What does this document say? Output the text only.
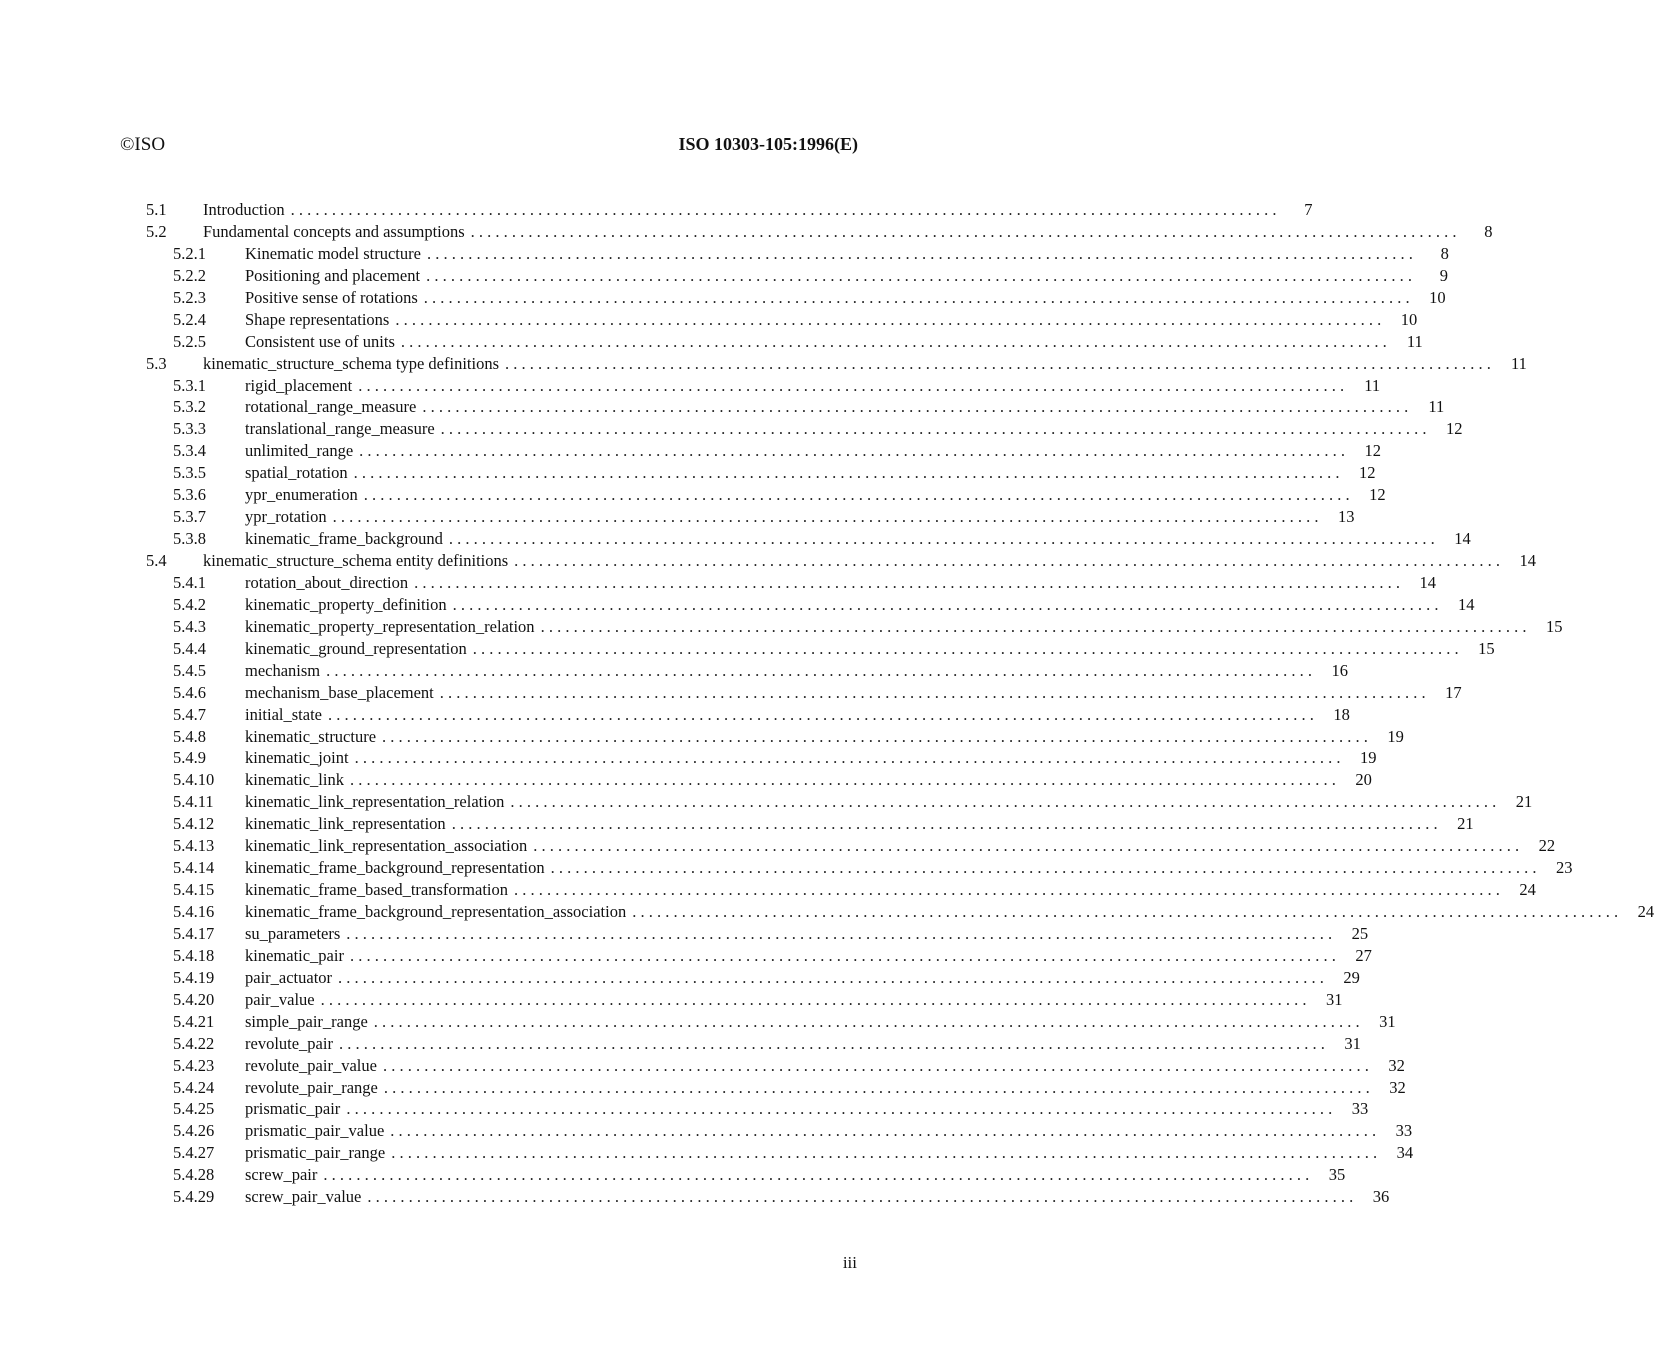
©ISO	ISO 10303-105:1996(E)
5.1 Introduction . . . . . . . . . . . . . . . . . . . . . . . . . . . . . . . . . . . . . . . . . . . . . . . . . . . . . . . . . . . . . . . . . . . . . . . . . . . . . . . . . . . . . . . . . . . . . . . . . . . . . . . . . . . . . . . . . . . . . . . .	7
5.2 Fundamental concepts and assumptions . . . . . . . . . . . . . . . . . . . . . . . . . . . . . . . . . . . . . . . . . . . . . . . . . . . . . . . . . . . . . . . . . . . . . . . . . . . . . . . . . . . . . . . . . . . . . . . . . . . . . . . . . . . . . . . . . . . . . . . .	8
5.2.1 Kinematic model structure . . . . . . . . . . . . . . . . . . . . . . . . . . . . . . . . . . . . . . . . . . . . . . . . . . . . . . . . . . . . . . . . . . . . . . . . . . . . . . . . . . . . . . . . . . . . . . . . . . . . . . . . . . . . . . . . . . . . . . . .	8
5.2.2 Positioning and placement . . . . . . . . . . . . . . . . . . . . . . . . . . . . . . . . . . . . . . . . . . . . . . . . . . . . . . . . . . . . . . . . . . . . . . . . . . . . . . . . . . . . . . . . . . . . . . . . . . . . . . . . . . . . . . . . . . . . . . . .	9
5.2.3 Positive sense of rotations . . . . . . . . . . . . . . . . . . . . . . . . . . . . . . . . . . . . . . . . . . . . . . . . . . . . . . . . . . . . . . . . . . . . . . . . . . . . . . . . . . . . . . . . . . . . . . . . . . . . . . . . . . . . . . . . . . . . . . . .	10
5.2.4 Shape representations . . . . . . . . . . . . . . . . . . . . . . . . . . . . . . . . . . . . . . . . . . . . . . . . . . . . . . . . . . . . . . . . . . . . . . . . . . . . . . . . . . . . . . . . . . . . . . . . . . . . . . . . . . . . . . . . . . . . . . . .	10
5.2.5 Consistent use of units . . . . . . . . . . . . . . . . . . . . . . . . . . . . . . . . . . . . . . . . . . . . . . . . . . . . . . . . . . . . . . . . . . . . . . . . . . . . . . . . . . . . . . . . . . . . . . . . . . . . . . . . . . . . . . . . . . . . . . . .	11
5.3 kinematic_structure_schema type definitions . . . . . . . . . . . . . . . . . . . . . . . . . . . . . . . . . . . . . . . . . . . . . . . . . . . . . . . . . . . . . . . . . . . . . . . . . . . . . . . . . . . . . . . . . . . . . . . . . . . . . . . . . . . . . . . . . . . . . . . .	11
5.3.1 rigid_placement . . . . . . . . . . . . . . . . . . . . . . . . . . . . . . . . . . . . . . . . . . . . . . . . . . . . . . . . . . . . . . . . . . . . . . . . . . . . . . . . . . . . . . . . . . . . . . . . . . . . . . . . . . . . . . . . . . . . . . . .	11
5.3.2 rotational_range_measure . . . . . . . . . . . . . . . . . . . . . . . . . . . . . . . . . . . . . . . . . . . . . . . . . . . . . . . . . . . . . . . . . . . . . . . . . . . . . . . . . . . . . . . . . . . . . . . . . . . . . . . . . . . . . . . . . . . . . . . .	11
5.3.3 translational_range_measure . . . . . . . . . . . . . . . . . . . . . . . . . . . . . . . . . . . . . . . . . . . . . . . . . . . . . . . . . . . . . . . . . . . . . . . . . . . . . . . . . . . . . . . . . . . . . . . . . . . . . . . . . . . . . . . . . . . . . . . .	12
5.3.4 unlimited_range . . . . . . . . . . . . . . . . . . . . . . . . . . . . . . . . . . . . . . . . . . . . . . . . . . . . . . . . . . . . . . . . . . . . . . . . . . . . . . . . . . . . . . . . . . . . . . . . . . . . . . . . . . . . . . . . . . . . . . . .	12
5.3.5 spatial_rotation . . . . . . . . . . . . . . . . . . . . . . . . . . . . . . . . . . . . . . . . . . . . . . . . . . . . . . . . . . . . . . . . . . . . . . . . . . . . . . . . . . . . . . . . . . . . . . . . . . . . . . . . . . . . . . . . . . . . . . . .	12
5.3.6 ypr_enumeration . . . . . . . . . . . . . . . . . . . . . . . . . . . . . . . . . . . . . . . . . . . . . . . . . . . . . . . . . . . . . . . . . . . . . . . . . . . . . . . . . . . . . . . . . . . . . . . . . . . . . . . . . . . . . . . . . . . . . . . .	12
5.3.7 ypr_rotation . . . . . . . . . . . . . . . . . . . . . . . . . . . . . . . . . . . . . . . . . . . . . . . . . . . . . . . . . . . . . . . . . . . . . . . . . . . . . . . . . . . . . . . . . . . . . . . . . . . . . . . . . . . . . . . . . . . . . . . .	13
5.3.8 kinematic_frame_background . . . . . . . . . . . . . . . . . . . . . . . . . . . . . . . . . . . . . . . . . . . . . . . . . . . . . . . . . . . . . . . . . . . . . . . . . . . . . . . . . . . . . . . . . . . . . . . . . . . . . . . . . . . . . . . . . . . . . . . .	14
5.4 kinematic_structure_schema entity definitions . . . . . . . . . . . . . . . . . . . . . . . . . . . . . . . . . . . . . . . . . . . . . . . . . . . . . . . . . . . . . . . . . . . . . . . . . . . . . . . . . . . . . . . . . . . . . . . . . . . . . . . . . . . . . . . . . . . . . . . .	14
5.4.1 rotation_about_direction . . . . . . . . . . . . . . . . . . . . . . . . . . . . . . . . . . . . . . . . . . . . . . . . . . . . . . . . . . . . . . . . . . . . . . . . . . . . . . . . . . . . . . . . . . . . . . . . . . . . . . . . . . . . . . . . . . . . . . . .	14
5.4.2 kinematic_property_definition . . . . . . . . . . . . . . . . . . . . . . . . . . . . . . . . . . . . . . . . . . . . . . . . . . . . . . . . . . . . . . . . . . . . . . . . . . . . . . . . . . . . . . . . . . . . . . . . . . . . . . . . . . . . . . . . . . . . . . . .	14
5.4.3 kinematic_property_representation_relation . . . . . . . . . . . . . . . . . . . . . . . . . . . . . . . . . . . . . . . . . . . . . . . . . . . . . . . . . . . . . . . . . . . . . . . . . . . . . . . . . . . . . . . . . . . . . . . . . . . . . . . . . . . . . . . . . . . . . . . .	15
5.4.4 kinematic_ground_representation . . . . . . . . . . . . . . . . . . . . . . . . . . . . . . . . . . . . . . . . . . . . . . . . . . . . . . . . . . . . . . . . . . . . . . . . . . . . . . . . . . . . . . . . . . . . . . . . . . . . . . . . . . . . . . . . . . . . . . . .	15
5.4.5 mechanism . . . . . . . . . . . . . . . . . . . . . . . . . . . . . . . . . . . . . . . . . . . . . . . . . . . . . . . . . . . . . . . . . . . . . . . . . . . . . . . . . . . . . . . . . . . . . . . . . . . . . . . . . . . . . . . . . . . . . . . .	16
5.4.6 mechanism_base_placement . . . . . . . . . . . . . . . . . . . . . . . . . . . . . . . . . . . . . . . . . . . . . . . . . . . . . . . . . . . . . . . . . . . . . . . . . . . . . . . . . . . . . . . . . . . . . . . . . . . . . . . . . . . . . . . . . . . . . . . .	17
5.4.7 initial_state . . . . . . . . . . . . . . . . . . . . . . . . . . . . . . . . . . . . . . . . . . . . . . . . . . . . . . . . . . . . . . . . . . . . . . . . . . . . . . . . . . . . . . . . . . . . . . . . . . . . . . . . . . . . . . . . . . . . . . . .	18
5.4.8 kinematic_structure . . . . . . . . . . . . . . . . . . . . . . . . . . . . . . . . . . . . . . . . . . . . . . . . . . . . . . . . . . . . . . . . . . . . . . . . . . . . . . . . . . . . . . . . . . . . . . . . . . . . . . . . . . . . . . . . . . . . . . . .	19
5.4.9 kinematic_joint . . . . . . . . . . . . . . . . . . . . . . . . . . . . . . . . . . . . . . . . . . . . . . . . . . . . . . . . . . . . . . . . . . . . . . . . . . . . . . . . . . . . . . . . . . . . . . . . . . . . . . . . . . . . . . . . . . . . . . . .	19
5.4.10 kinematic_link . . . . . . . . . . . . . . . . . . . . . . . . . . . . . . . . . . . . . . . . . . . . . . . . . . . . . . . . . . . . . . . . . . . . . . . . . . . . . . . . . . . . . . . . . . . . . . . . . . . . . . . . . . . . . . . . . . . . . . . .	20
5.4.11 kinematic_link_representation_relation . . . . . . . . . . . . . . . . . . . . . . . . . . . . . . . . . . . . . . . . . . . . . . . . . . . . . . . . . . . . . . . . . . . . . . . . . . . . . . . . . . . . . . . . . . . . . . . . . . . . . . . . . . . . . . . . . . . . . . . .	21
5.4.12 kinematic_link_representation . . . . . . . . . . . . . . . . . . . . . . . . . . . . . . . . . . . . . . . . . . . . . . . . . . . . . . . . . . . . . . . . . . . . . . . . . . . . . . . . . . . . . . . . . . . . . . . . . . . . . . . . . . . . . . . . . . . . . . . .	21
5.4.13 kinematic_link_representation_association . . . . . . . . . . . . . . . . . . . . . . . . . . . . . . . . . . . . . . . . . . . . . . . . . . . . . . . . . . . . . . . . . . . . . . . . . . . . . . . . . . . . . . . . . . . . . . . . . . . . . . . . . . . . . . . . . . . . . . . .	22
5.4.14 kinematic_frame_background_representation . . . . . . . . . . . . . . . . . . . . . . . . . . . . . . . . . . . . . . . . . . . . . . . . . . . . . . . . . . . . . . . . . . . . . . . . . . . . . . . . . . . . . . . . . . . . . . . . . . . . . . . . . . . . . . . . . . . . . . . .	23
5.4.15 kinematic_frame_based_transformation . . . . . . . . . . . . . . . . . . . . . . . . . . . . . . . . . . . . . . . . . . . . . . . . . . . . . . . . . . . . . . . . . . . . . . . . . . . . . . . . . . . . . . . . . . . . . . . . . . . . . . . . . . . . . . . . . . . . . . . .	24
5.4.16 kinematic_frame_background_representation_association . . . . . . . . . . . . . . . . . . . . . . . . . . . . . . . . . . . . . . . . . . . . . . . . . . . . . . . . . . . . . . . . . . . . . . . . . . . . . . . . . . . . . . . . . . . . . . . . . . . . . . . . . . . . . . . . . . . . . . . .	24
5.4.17 su_parameters . . . . . . . . . . . . . . . . . . . . . . . . . . . . . . . . . . . . . . . . . . . . . . . . . . . . . . . . . . . . . . . . . . . . . . . . . . . . . . . . . . . . . . . . . . . . . . . . . . . . . . . . . . . . . . . . . . . . . . . .	25
5.4.18 kinematic_pair . . . . . . . . . . . . . . . . . . . . . . . . . . . . . . . . . . . . . . . . . . . . . . . . . . . . . . . . . . . . . . . . . . . . . . . . . . . . . . . . . . . . . . . . . . . . . . . . . . . . . . . . . . . . . . . . . . . . . . . .	27
5.4.19 pair_actuator . . . . . . . . . . . . . . . . . . . . . . . . . . . . . . . . . . . . . . . . . . . . . . . . . . . . . . . . . . . . . . . . . . . . . . . . . . . . . . . . . . . . . . . . . . . . . . . . . . . . . . . . . . . . . . . . . . . . . . . .	29
5.4.20 pair_value . . . . . . . . . . . . . . . . . . . . . . . . . . . . . . . . . . . . . . . . . . . . . . . . . . . . . . . . . . . . . . . . . . . . . . . . . . . . . . . . . . . . . . . . . . . . . . . . . . . . . . . . . . . . . . . . . . . . . . . .	31
5.4.21 simple_pair_range . . . . . . . . . . . . . . . . . . . . . . . . . . . . . . . . . . . . . . . . . . . . . . . . . . . . . . . . . . . . . . . . . . . . . . . . . . . . . . . . . . . . . . . . . . . . . . . . . . . . . . . . . . . . . . . . . . . . . . . .	31
5.4.22 revolute_pair . . . . . . . . . . . . . . . . . . . . . . . . . . . . . . . . . . . . . . . . . . . . . . . . . . . . . . . . . . . . . . . . . . . . . . . . . . . . . . . . . . . . . . . . . . . . . . . . . . . . . . . . . . . . . . . . . . . . . . . .	31
5.4.23 revolute_pair_value . . . . . . . . . . . . . . . . . . . . . . . . . . . . . . . . . . . . . . . . . . . . . . . . . . . . . . . . . . . . . . . . . . . . . . . . . . . . . . . . . . . . . . . . . . . . . . . . . . . . . . . . . . . . . . . . . . . . . . . .	32
5.4.24 revolute_pair_range . . . . . . . . . . . . . . . . . . . . . . . . . . . . . . . . . . . . . . . . . . . . . . . . . . . . . . . . . . . . . . . . . . . . . . . . . . . . . . . . . . . . . . . . . . . . . . . . . . . . . . . . . . . . . . . . . . . . . . . .	32
5.4.25 prismatic_pair . . . . . . . . . . . . . . . . . . . . . . . . . . . . . . . . . . . . . . . . . . . . . . . . . . . . . . . . . . . . . . . . . . . . . . . . . . . . . . . . . . . . . . . . . . . . . . . . . . . . . . . . . . . . . . . . . . . . . . . .	33
5.4.26 prismatic_pair_value . . . . . . . . . . . . . . . . . . . . . . . . . . . . . . . . . . . . . . . . . . . . . . . . . . . . . . . . . . . . . . . . . . . . . . . . . . . . . . . . . . . . . . . . . . . . . . . . . . . . . . . . . . . . . . . . . . . . . . . .	33
5.4.27 prismatic_pair_range . . . . . . . . . . . . . . . . . . . . . . . . . . . . . . . . . . . . . . . . . . . . . . . . . . . . . . . . . . . . . . . . . . . . . . . . . . . . . . . . . . . . . . . . . . . . . . . . . . . . . . . . . . . . . . . . . . . . . . . .	34
5.4.28 screw_pair . . . . . . . . . . . . . . . . . . . . . . . . . . . . . . . . . . . . . . . . . . . . . . . . . . . . . . . . . . . . . . . . . . . . . . . . . . . . . . . . . . . . . . . . . . . . . . . . . . . . . . . . . . . . . . . . . . . . . . . .	35
5.4.29 screw_pair_value . . . . . . . . . . . . . . . . . . . . . . . . . . . . . . . . . . . . . . . . . . . . . . . . . . . . . . . . . . . . . . . . . . . . . . . . . . . . . . . . . . . . . . . . . . . . . . . . . . . . . . . . . . . . . . . . . . . . . . . .	36
iii
